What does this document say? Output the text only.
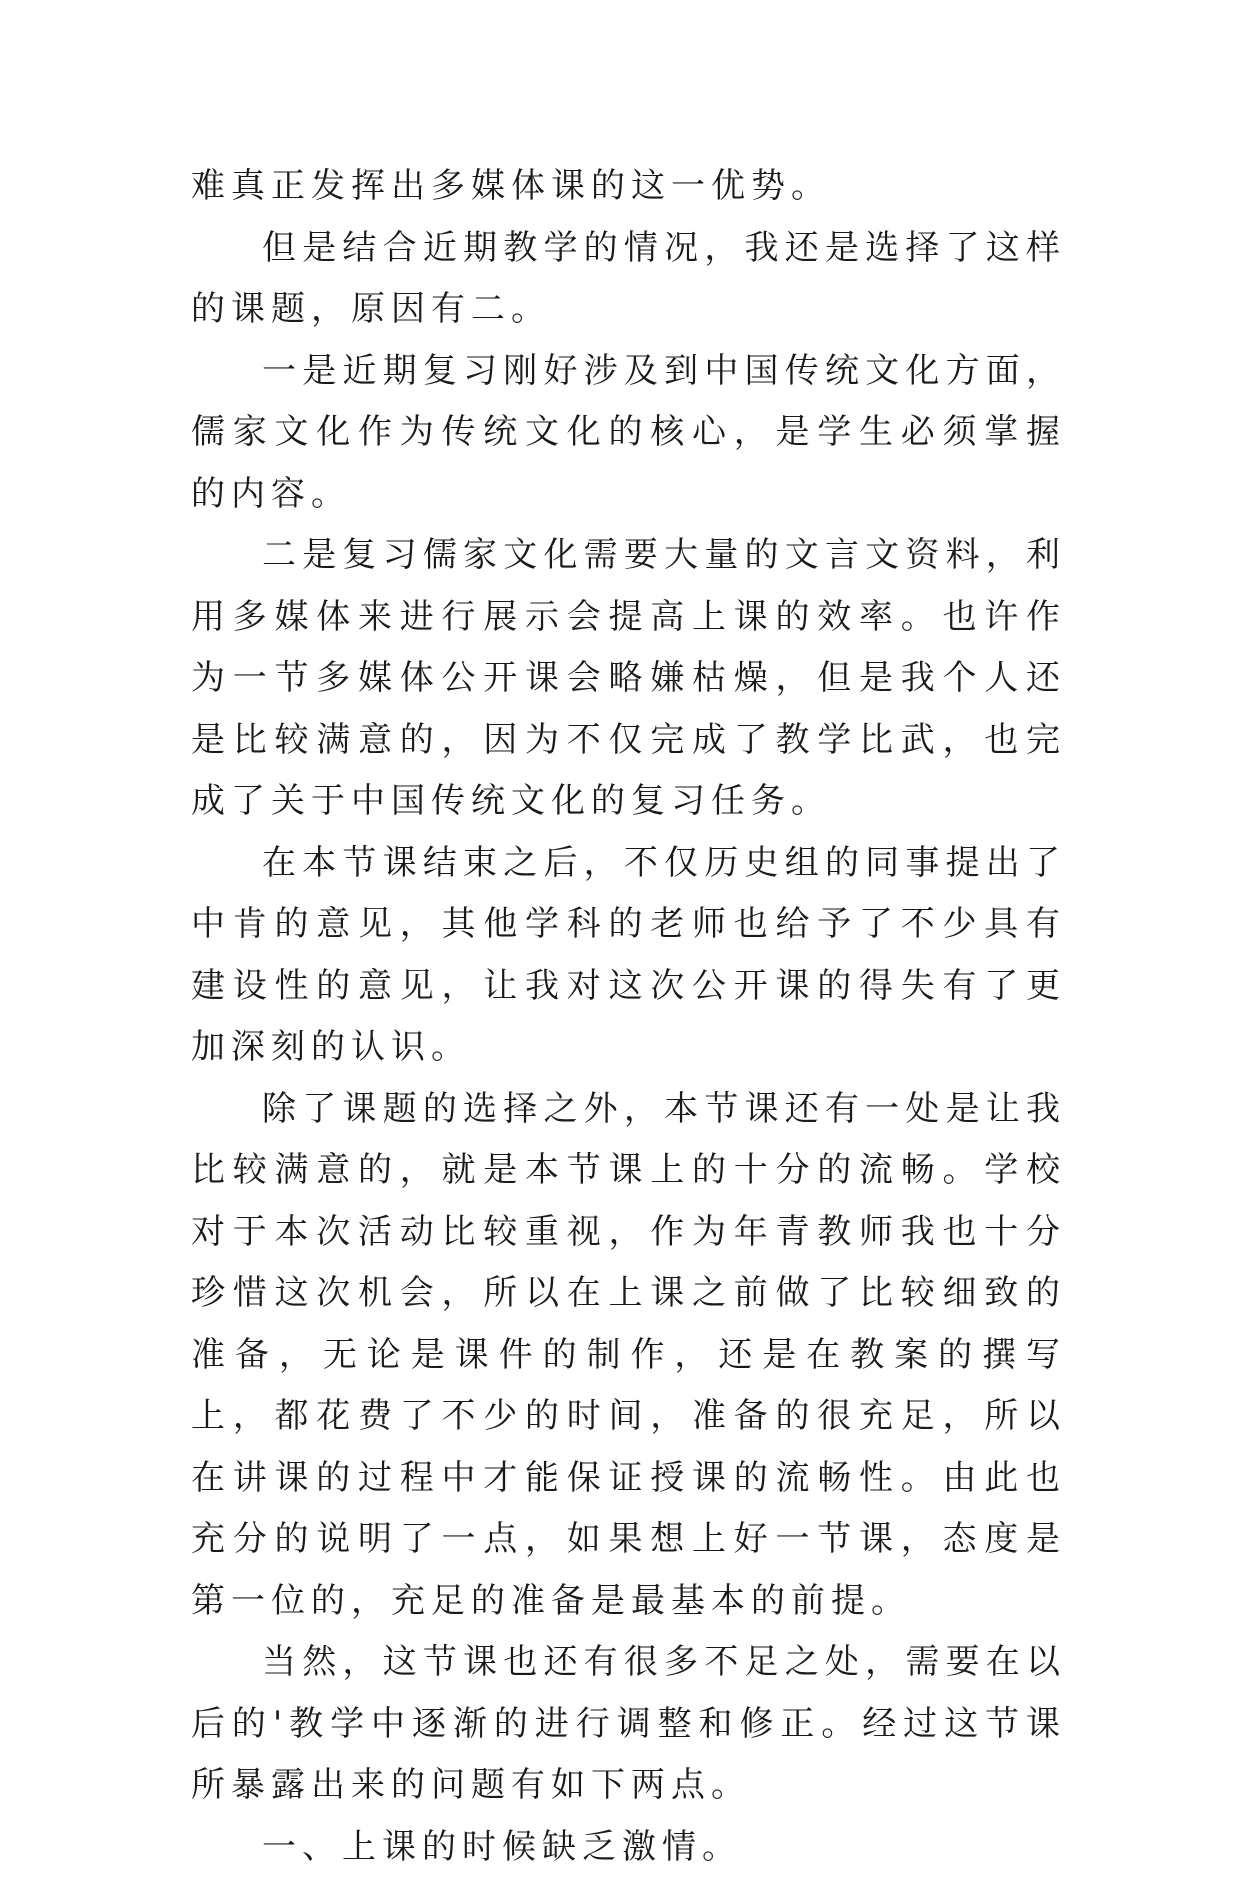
难真正发挥出多媒体课的这一优势。

但是结合近期教学的情况，我还是选择了这样的课题，原因有二。

一是近期复习刚好涉及到中国传统文化方面，儒家文化作为传统文化的核心，是学生必须掌握的内容。

二是复习儒家文化需要大量的文言文资料，利用多媒体来进行展示会提高上课的效率。也许作为一节多媒体公开课会略嫌枯燥，但是我个人还是比较满意的，因为不仅完成了教学比武，也完成了关于中国传统文化的复习任务。

在本节课结束之后，不仅历史组的同事提出了中肯的意见，其他学科的老师也给予了不少具有建设性的意见，让我对这次公开课的得失有了更加深刻的认识。

除了课题的选择之外，本节课还有一处是让我比较满意的，就是本节课上的十分的流畅。学校对于本次活动比较重视，作为年青教师我也十分珍惜这次机会，所以在上课之前做了比较细致的准备，无论是课件的制作，还是在教案的撰写上，都花费了不少的时间，准备的很充足，所以在讲课的过程中才能保证授课的流畅性。由此也充分的说明了一点，如果想上好一节课，态度是第一位的，充足的准备是最基本的前提。

当然，这节课也还有很多不足之处，需要在以后的'教学中逐渐的进行调整和修正。经过这节课所暴露出来的问题有如下两点。

一、上课的时候缺乏激情。
